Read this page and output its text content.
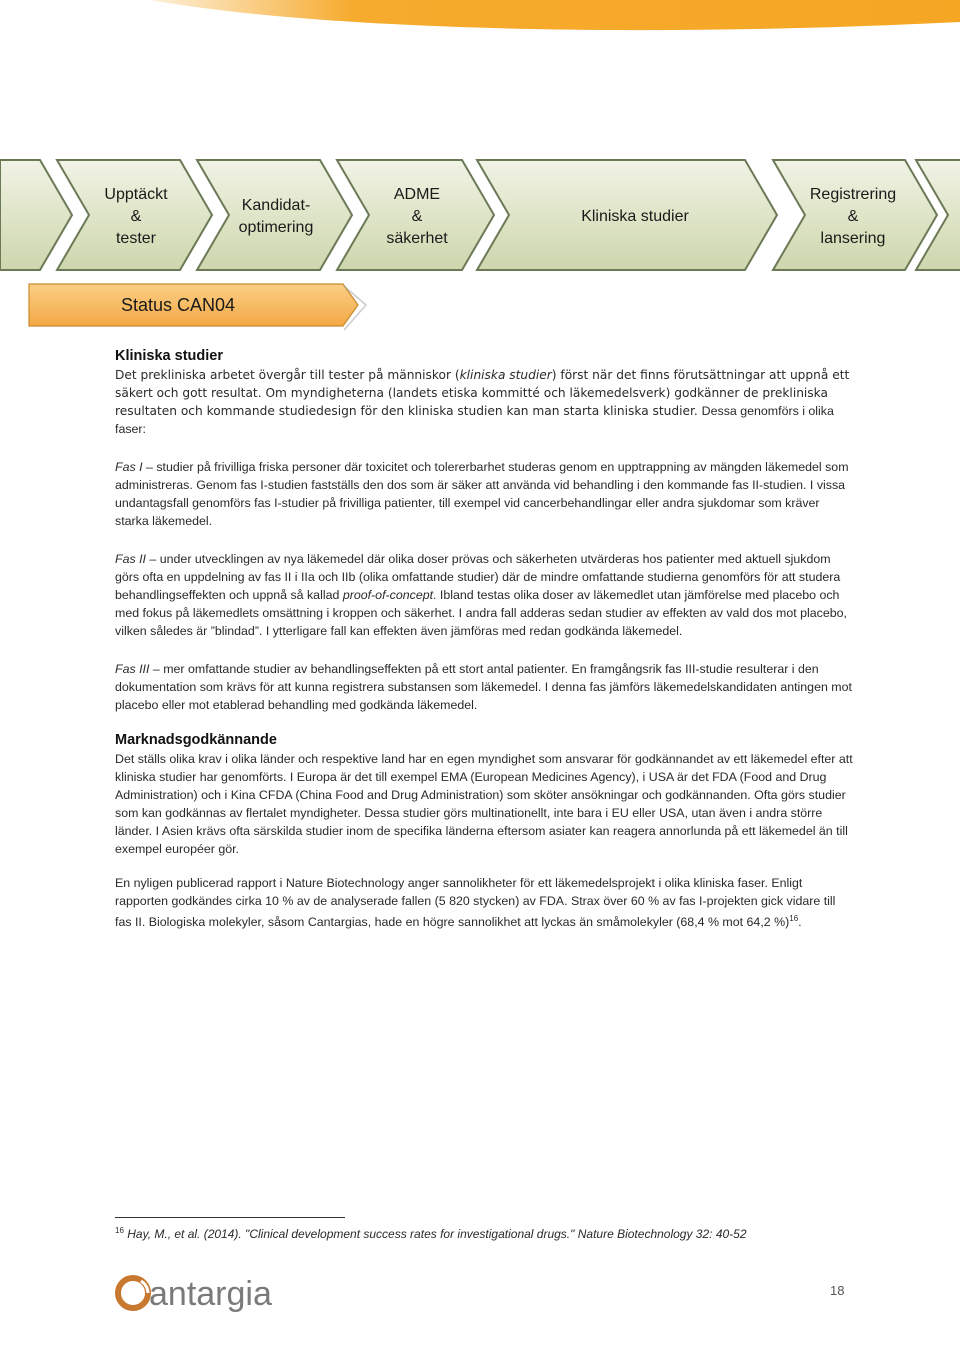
Upptäckt
&
tester
Kandidat-
optimering
ADME
&
säkerhet
Kliniska studier
Registrering
&
lansering
Status CAN04

Kliniska studier

Det prekliniska arbetet övergår till tester på människor (kliniska studier) först när det finns förutsättningar att uppnå ett säkert och gott resultat. Om myndigheterna (landets etiska kommitté och läkemedelsverk) godkänner de prekliniska resultaten och kommande studiedesign för den kliniska studien kan man starta kliniska studier. Dessa genomförs i olika faser:

Fas I – studier på frivilliga friska personer där toxicitet och tolererbarhet studeras genom en upptrappning av mängden läkemedel som administreras. Genom fas I-studien fastställs den dos som är säker att använda vid behandling i den kommande fas II-studien. I vissa undantagsfall genomförs fas I-studier på frivilliga patienter, till exempel vid cancerbehandlingar eller andra sjukdomar som kräver starka läkemedel.

Fas II – under utvecklingen av nya läkemedel där olika doser prövas och säkerheten utvärderas hos patienter med aktuell sjukdom görs ofta en uppdelning av fas II i IIa och IIb (olika omfattande studier) där de mindre omfattande studierna genomförs för att studera behandlingseffekten och uppnå så kallad proof-of-concept. Ibland testas olika doser av läkemedlet utan jämförelse med placebo och med fokus på läkemedlets omsättning i kroppen och säkerhet. I andra fall adderas sedan studier av effekten av vald dos mot placebo, vilken således är ”blindad”. I ytterligare fall kan effekten även jämföras med redan godkända läkemedel.

Fas III – mer omfattande studier av behandlingseffekten på ett stort antal patienter. En framgångsrik fas III-studie resulterar i den dokumentation som krävs för att kunna registrera substansen som läkemedel. I denna fas jämförs läkemedelskandidaten antingen mot placebo eller mot etablerad behandling med godkända läkemedel.

Marknadsgodkännande

Det ställs olika krav i olika länder och respektive land har en egen myndighet som ansvarar för godkännandet av ett läkemedel efter att kliniska studier har genomförts. I Europa är det till exempel EMA (European Medicines Agency), i USA är det FDA (Food and Drug Administration) och i Kina CFDA (China Food and Drug Administration) som sköter ansökningar och godkännanden. Ofta görs studier som kan godkännas av flertalet myndigheter. Dessa studier görs multinationellt, inte bara i EU eller USA, utan även i andra större länder. I Asien krävs ofta särskilda studier inom de specifika länderna eftersom asiater kan reagera annorlunda på ett läkemedel än till exempel européer gör.

En nyligen publicerad rapport i Nature Biotechnology anger sannolikheter för ett läkemedelsprojekt i olika kliniska faser. Enligt rapporten godkändes cirka 10 % av de analyserade fallen (5 820 stycken) av FDA. Strax över 60 % av fas I-projekten gick vidare till fas II. Biologiska molekyler, såsom Cantargias, hade en högre sannolikhet att lyckas än småmolekyler (68,4 % mot 64,2 %)$^{16}$.

$^{16}$ Hay, M., et al. (2014). "Clinical development success rates for investigational drugs." Nature Biotechnology 32: 40-52
antargia	18
